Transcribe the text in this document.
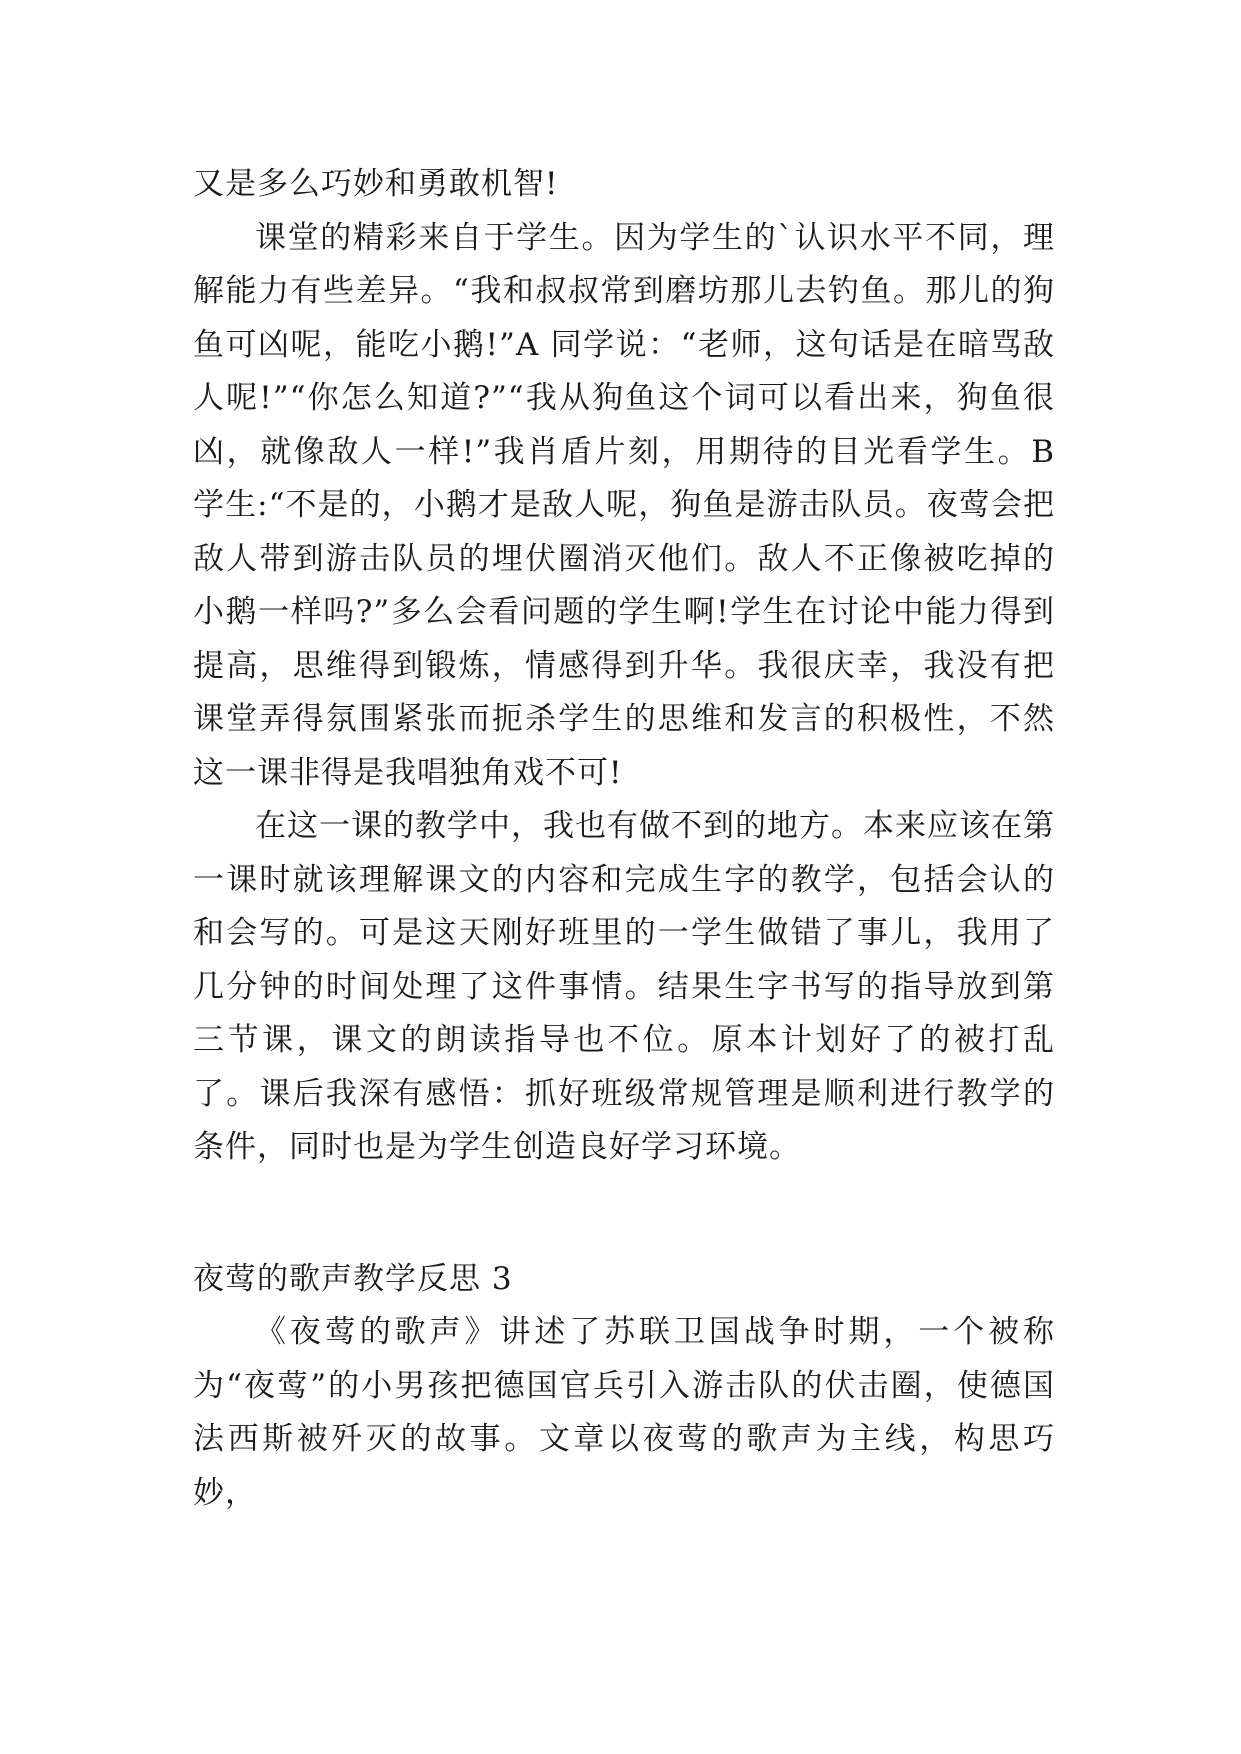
又是多么巧妙和勇敢机智!

课堂的精彩来自于学生。因为学生的`认识水平不同，理解能力有些差异。“我和叔叔常到磨坊那儿去钓鱼。那儿的狗鱼可凶呢，能吃小鹅!”A 同学说：“老师，这句话是在暗骂敌人呢!”“你怎么知道?”“我从狗鱼这个词可以看出来，狗鱼很凶，就像敌人一样!”我肖盾片刻，用期待的目光看学生。B 学生:“不是的，小鹅才是敌人呢，狗鱼是游击队员。夜莺会把敌人带到游击队员的埋伏圈消灭他们。敌人不正像被吃掉的小鹅一样吗?”多么会看问题的学生啊!学生在讨论中能力得到提高，思维得到锻炼，情感得到升华。我很庆幸，我没有把课堂弄得氛围紧张而扼杀学生的思维和发言的积极性，不然这一课非得是我唱独角戏不可!

在这一课的教学中，我也有做不到的地方。本来应该在第一课时就该理解课文的内容和完成生字的教学，包括会认的和会写的。可是这天刚好班里的一学生做错了事儿，我用了几分钟的时间处理了这件事情。结果生字书写的指导放到第三节课，课文的朗读指导也不位。原本计划好了的被打乱了。课后我深有感悟：抓好班级常规管理是顺利进行教学的条件，同时也是为学生创造良好学习环境。

夜莺的歌声教学反思 3

《夜莺的歌声》讲述了苏联卫国战争时期，一个被称为“夜莺”的小男孩把德国官兵引入游击队的伏击圈，使德国法西斯被歼灭的故事。文章以夜莺的歌声为主线，构思巧妙，
